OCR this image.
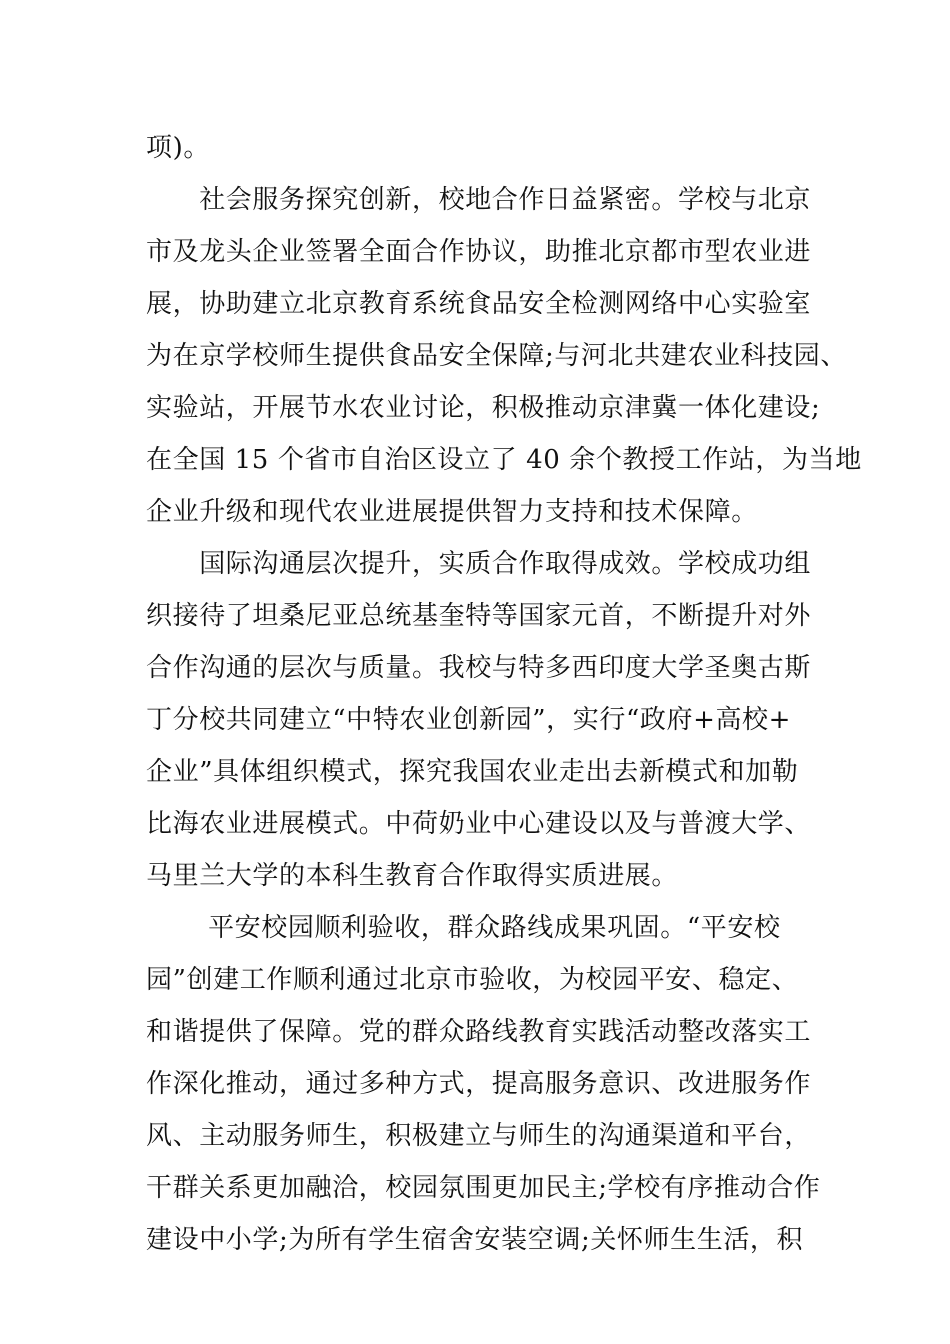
项)。
　　社会服务探究创新，校地合作日益紧密。学校与北京
市及龙头企业签署全面合作协议，助推北京都市型农业进
展，协助建立北京教育系统食品安全检测网络中心实验室
为在京学校师生提供食品安全保障;与河北共建农业科技园、
实验站，开展节水农业讨论，积极推动京津冀一体化建设;
在全国 15 个省市自治区设立了 40 余个教授工作站，为当地
企业升级和现代农业进展提供智力支持和技术保障。
　　国际沟通层次提升，实质合作取得成效。学校成功组
织接待了坦桑尼亚总统基奎特等国家元首，不断提升对外
合作沟通的层次与质量。我校与特多西印度大学圣奥古斯
丁分校共同建立“中特农业创新园”，实行“政府+高校+
企业”具体组织模式，探究我国农业走出去新模式和加勒
比海农业进展模式。中荷奶业中心建设以及与普渡大学、
马里兰大学的本科生教育合作取得实质进展。
　　 平安校园顺利验收，群众路线成果巩固。“平安校
园”创建工作顺利通过北京市验收，为校园平安、稳定、
和谐提供了保障。党的群众路线教育实践活动整改落实工
作深化推动，通过多种方式，提高服务意识、改进服务作
风、主动服务师生，积极建立与师生的沟通渠道和平台，
干群关系更加融洽，校园氛围更加民主;学校有序推动合作
建设中小学;为所有学生宿舍安装空调;关怀师生生活，积
